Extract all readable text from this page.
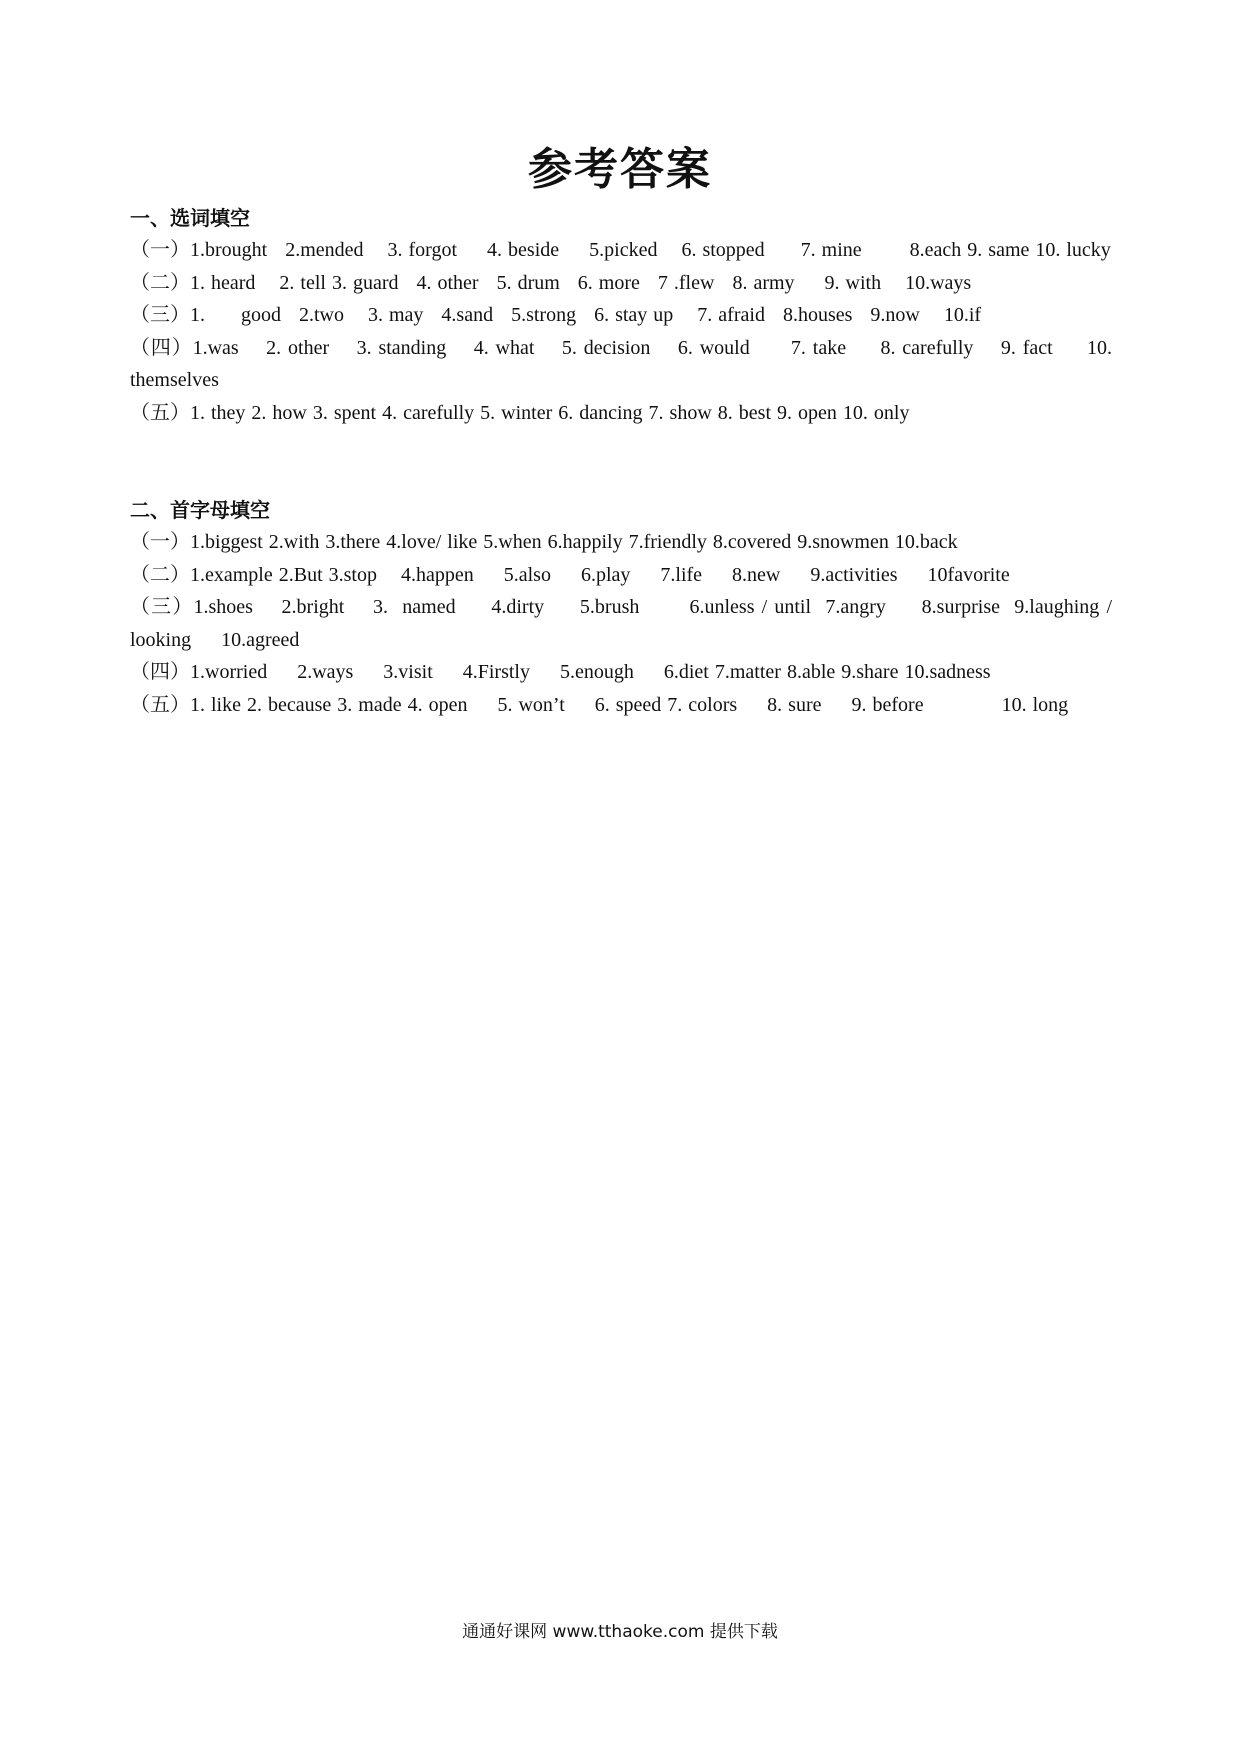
参考答案
一、选词填空
（一）1.brought   2.mended    3. forgot     4. beside     5.picked    6. stopped      7. mine        8.each 9. same 10. lucky
（二）1. heard    2. tell 3. guard   4. other   5. drum   6. more   7 .flew   8. army     9. with    10.ways
（三）1.      good   2.two    3. may   4.sand   5.strong   6. stay up    7. afraid   8.houses   9.now    10.if
（四）1.was    2. other    3. standing    4. what    5. decision    6. would      7. take     8. carefully    9. fact     10. themselves
（五）1. they 2. how 3. spent 4. carefully 5. winter 6. dancing 7. show 8. best 9. open 10. only
二、首字母填空
（一）1.biggest 2.with 3.there 4.love/ like 5.when 6.happily 7.friendly 8.covered 9.snowmen 10.back
（二）1.example 2.But 3.stop    4.happen     5.also     6.play     7.life     8.new     9.activities     10favorite
（三）1.shoes    2.bright    3.  named     4.dirty     5.brush       6.unless / until  7.angry     8.surprise  9.laughing / looking     10.agreed
（四）1.worried     2.ways     3.visit     4.Firstly     5.enough     6.diet 7.matter 8.able 9.share 10.sadness
（五）1. like 2. because 3. made 4. open     5. won’t     6. speed 7. colors     8. sure     9. before             10. long
通通好课网 www.tthaoke.com 提供下载
